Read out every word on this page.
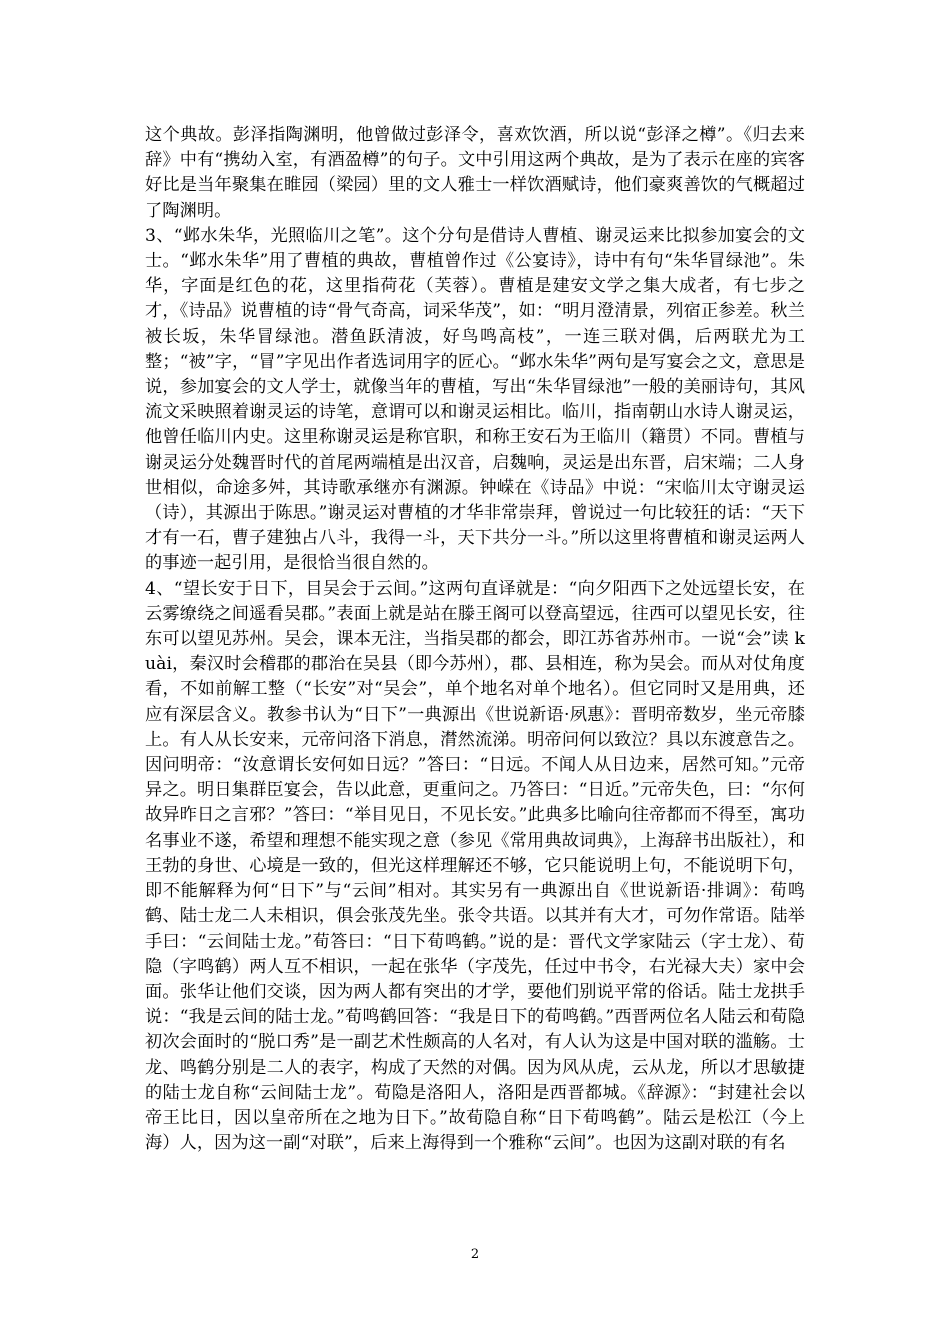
这个典故。彭泽指陶渊明，他曾做过彭泽令，喜欢饮酒，所以说“彭泽之樽”。《归去来辞》中有“携幼入室，有酒盈樽”的句子。文中引用这两个典故，是为了表示在座的宾客好比是当年聚集在睢园（梁园）里的文人雅士一样饮酒赋诗，他们豪爽善饮的气概超过了陶渊明。

3、“邺水朱华，光照临川之笔”。这个分句是借诗人曹植、谢灵运来比拟参加宴会的文士。“邺水朱华”用了曹植的典故，曹植曾作过《公宴诗》，诗中有句“朱华冒绿池”。朱华，字面是红色的花，这里指荷花（芙蓉）。曹植是建安文学之集大成者，有七步之才，《诗品》说曹植的诗“骨气奇高，词采华茂”，如：“明月澄清景，列宿正参差。秋兰被长坂，朱华冒绿池。潜鱼跃清波，好鸟鸣高枝”，一连三联对偶，后两联尤为工整；“被”字，“冒”字见出作者选词用字的匠心。“邺水朱华”两句是写宴会之文，意思是说，参加宴会的文人学士，就像当年的曹植，写出“朱华冒绿池”一般的美丽诗句，其风流文采映照着谢灵运的诗笔，意谓可以和谢灵运相比。临川，指南朝山水诗人谢灵运，他曾任临川内史。这里称谢灵运是称官职，和称王安石为王临川（籍贯）不同。曹植与谢灵运分处魏晋时代的首尾两端植是出汉音，启魏响，灵运是出东晋，启宋端；二人身世相似，命途多舛，其诗歌承继亦有渊源。钟嵘在《诗品》中说：“宋临川太守谢灵运（诗），其源出于陈思。”谢灵运对曹植的才华非常崇拜，曾说过一句比较狂的话：“天下才有一石，曹子建独占八斗，我得一斗，天下共分一斗。”所以这里将曹植和谢灵运两人的事迹一起引用，是很恰当很自然的。

4、“望长安于日下，目吴会于云间。”这两句直译就是：“向夕阳西下之处远望长安，在云雾缭绕之间遥看吴郡。”表面上就是站在滕王阁可以登高望远，往西可以望见长安，往东可以望见苏州。吴会，课本无注，当指吴郡的都会，即江苏省苏州市。一说“会”读 kuài，秦汉时会稽郡的郡治在吴县（即今苏州），郡、县相连，称为吴会。而从对仗角度看，不如前解工整（“长安”对“吴会”，单个地名对单个地名）。但它同时又是用典，还应有深层含义。教参书认为“日下”一典源出《世说新语·夙惠》：晋明帝数岁，坐元帝膝上。有人从长安来，元帝问洛下消息，潸然流涕。明帝问何以致泣？具以东渡意告之。因问明帝：“汝意谓长安何如日远？”答曰：“日远。不闻人从日边来，居然可知。”元帝异之。明日集群臣宴会，告以此意，更重问之。乃答曰：“日近。”元帝失色，曰：“尔何故异昨日之言邪？”答曰：“举目见日，不见长安。”此典多比喻向往帝都而不得至，寓功名事业不遂，希望和理想不能实现之意（参见《常用典故词典》，上海辞书出版社），和王勃的身世、心境是一致的，但光这样理解还不够，它只能说明上句，不能说明下句，即不能解释为何“日下”与“云间”相对。其实另有一典源出自《世说新语·排调》：荀鸣鹤、陆士龙二人未相识，俱会张茂先坐。张令共语。以其并有大才，可勿作常语。陆举手曰：“云间陆士龙。”荀答曰：“日下荀鸣鹤。”说的是：晋代文学家陆云（字士龙）、荀隐（字鸣鹤）两人互不相识，一起在张华（字茂先，任过中书令，右光禄大夫）家中会面。张华让他们交谈，因为两人都有突出的才学，要他们别说平常的俗话。陆士龙拱手说：“我是云间的陆士龙。”荀鸣鹤回答：“我是日下的荀鸣鹤。”西晋两位名人陆云和荀隐初次会面时的“脱口秀”是一副艺术性颇高的人名对，有人认为这是中国对联的滥觞。士龙、鸣鹤分别是二人的表字，构成了天然的对偶。因为风从虎，云从龙，所以才思敏捷的陆士龙自称“云间陆士龙”。荀隐是洛阳人，洛阳是西晋都城。《辞源》：“封建社会以帝王比日，因以皇帝所在之地为日下。”故荀隐自称“日下荀鸣鹤”。陆云是松江（今上海）人，因为这一副“对联”，后来上海得到一个雅称“云间”。也因为这副对联的有名

2
